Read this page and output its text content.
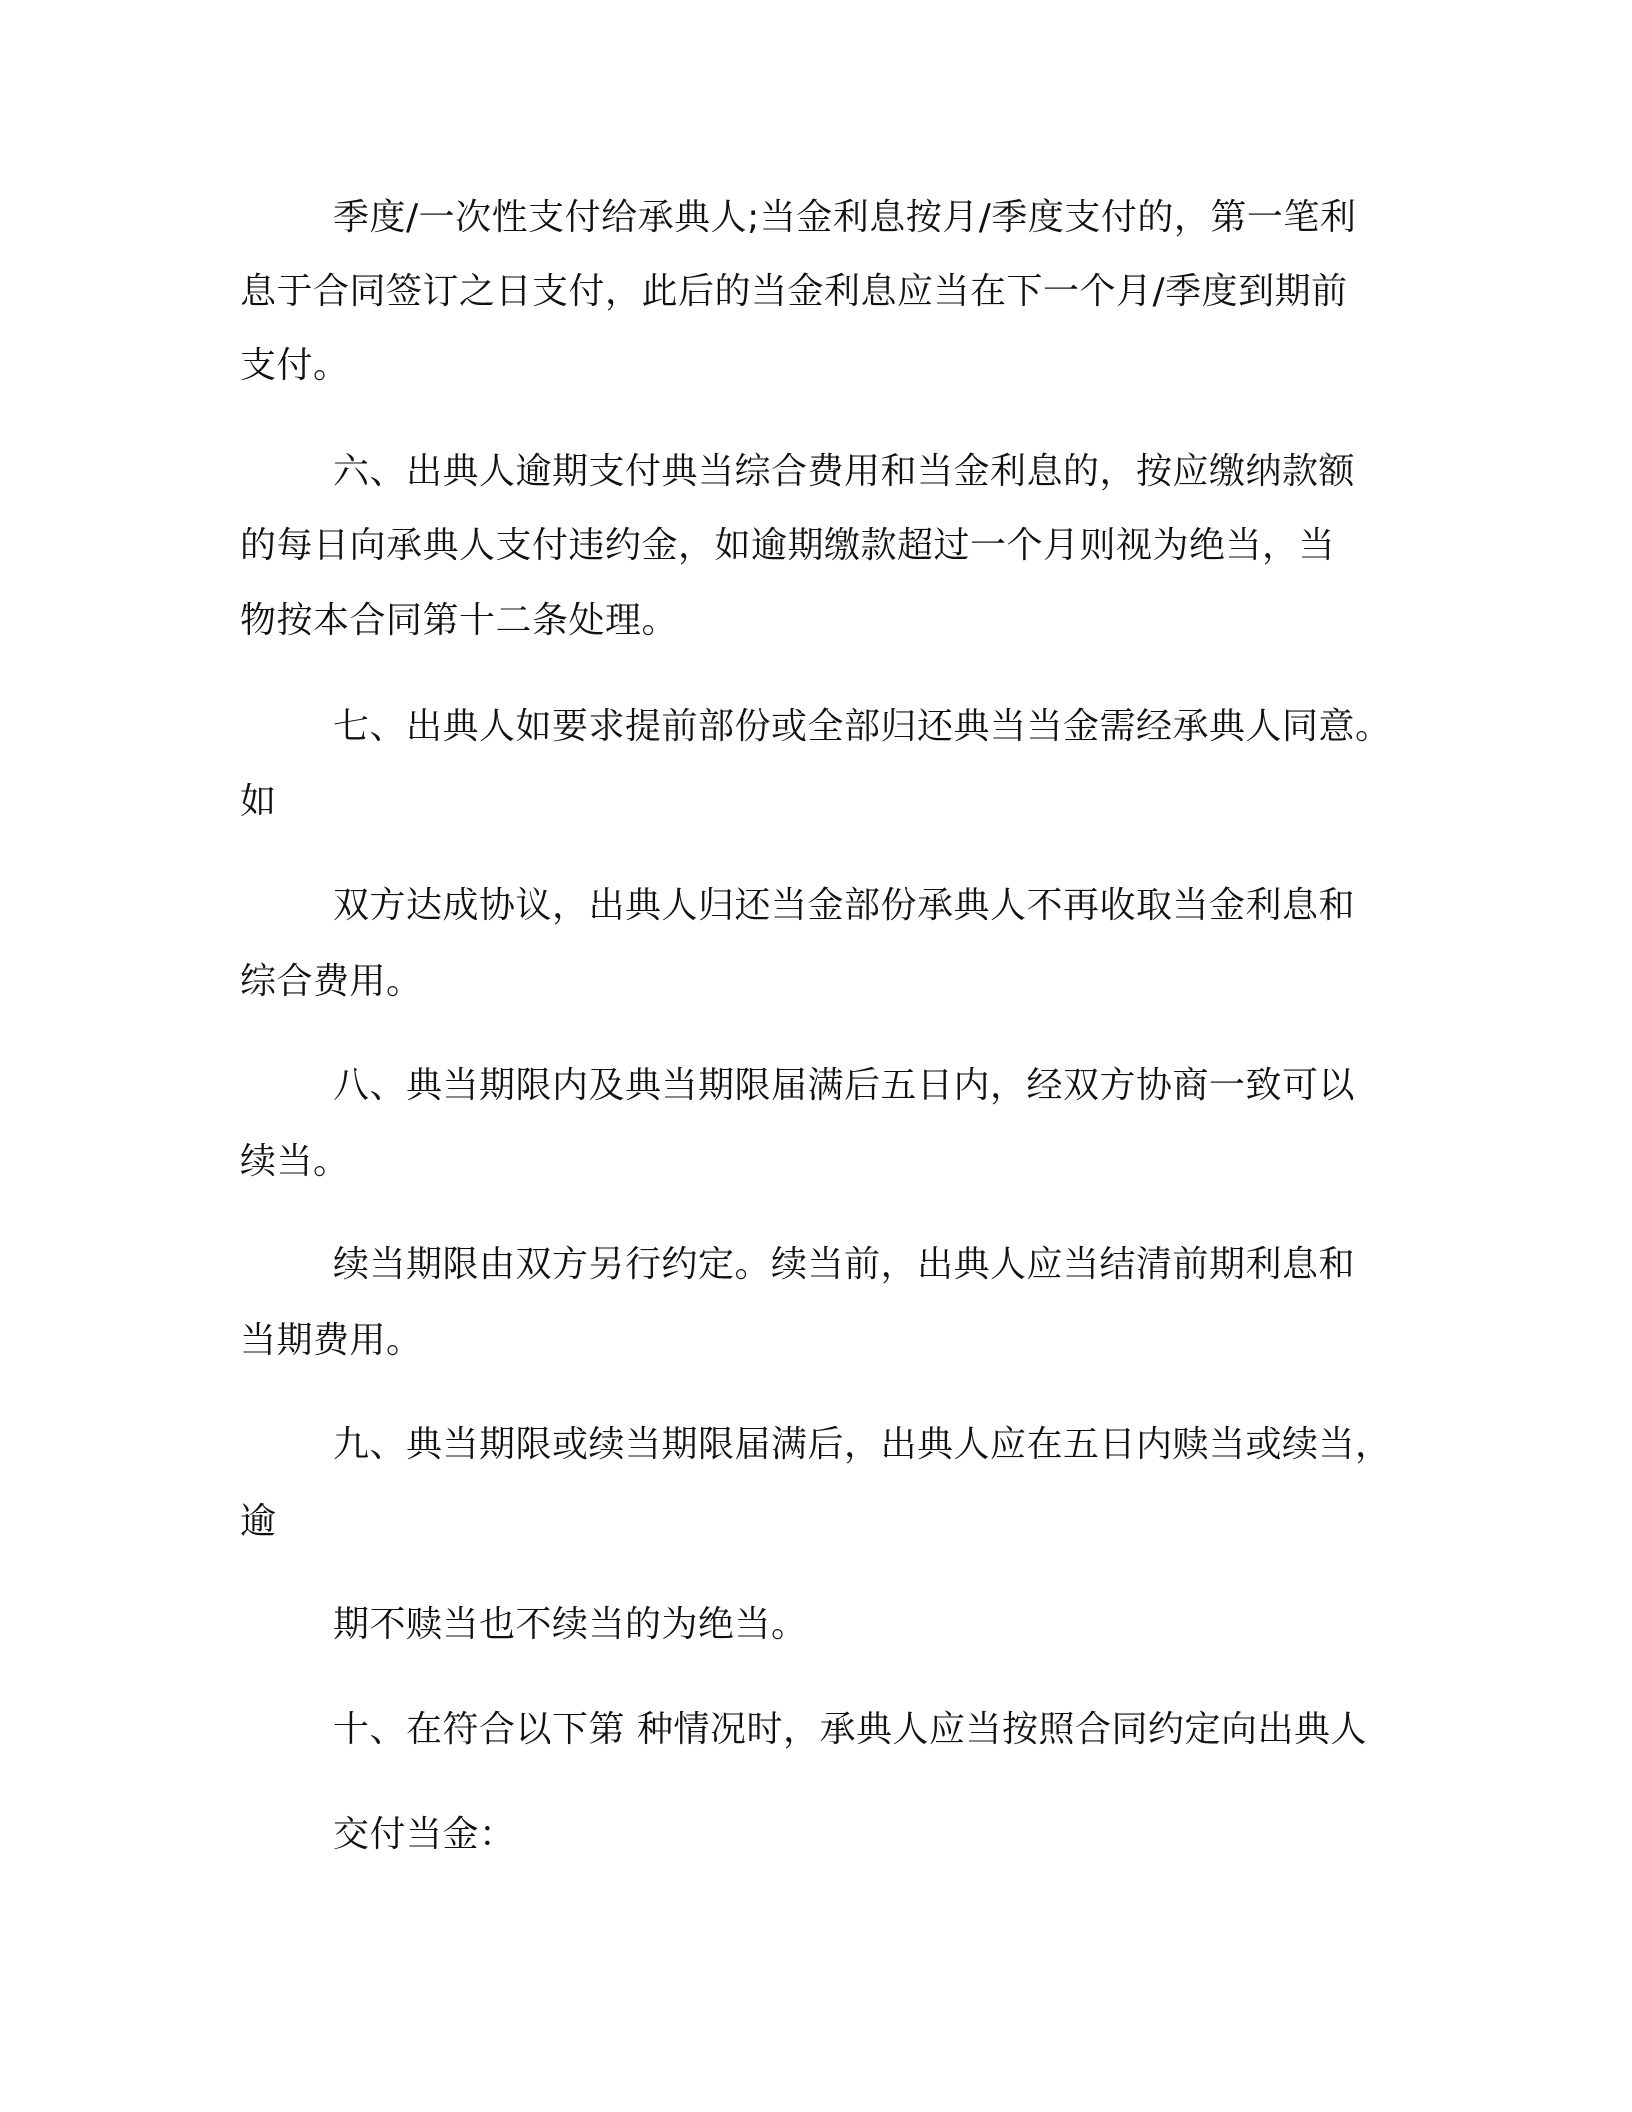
季度/一次性支付给承典人;当金利息按月/季度支付的，第一笔利

息于合同签订之日支付，此后的当金利息应当在下一个月/季度到期前

支付。

六、出典人逾期支付典当综合费用和当金利息的，按应缴纳款额

的每日向承典人支付违约金，如逾期缴款超过一个月则视为绝当，当

物按本合同第十二条处理。

七、出典人如要求提前部份或全部归还典当当金需经承典人同意。

如

双方达成协议，出典人归还当金部份承典人不再收取当金利息和

综合费用。

八、典当期限内及典当期限届满后五日内，经双方协商一致可以

续当。

续当期限由双方另行约定。续当前，出典人应当结清前期利息和

当期费用。

九、典当期限或续当期限届满后，出典人应在五日内赎当或续当，

逾

期不赎当也不续当的为绝当。

十、在符合以下第 种情况时，承典人应当按照合同约定向出典人

交付当金：
